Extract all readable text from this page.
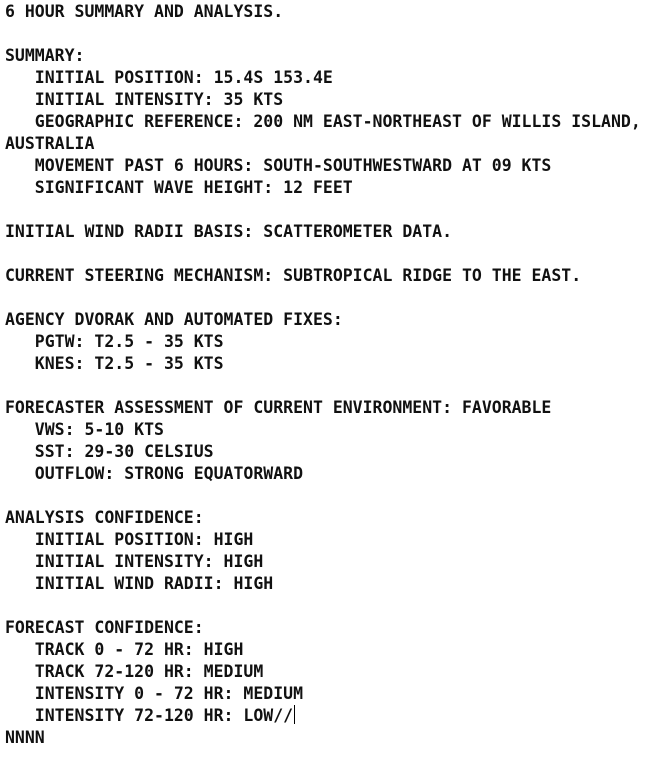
6 HOUR SUMMARY AND ANALYSIS.
SUMMARY:
INITIAL POSITION: 15.4S 153.4E
INITIAL INTENSITY: 35 KTS
GEOGRAPHIC REFERENCE: 200 NM EAST-NORTHEAST OF WILLIS ISLAND,
AUSTRALIA
MOVEMENT PAST 6 HOURS: SOUTH-SOUTHWESTWARD AT 09 KTS
SIGNIFICANT WAVE HEIGHT: 12 FEET
INITIAL WIND RADII BASIS: SCATTEROMETER DATA.
CURRENT STEERING MECHANISM: SUBTROPICAL RIDGE TO THE EAST.
AGENCY DVORAK AND AUTOMATED FIXES:
PGTW: T2.5 - 35 KTS
KNES: T2.5 - 35 KTS
FORECASTER ASSESSMENT OF CURRENT ENVIRONMENT: FAVORABLE
VWS: 5-10 KTS
SST: 29-30 CELSIUS
OUTFLOW: STRONG EQUATORWARD
ANALYSIS CONFIDENCE:
INITIAL POSITION: HIGH
INITIAL INTENSITY: HIGH
INITIAL WIND RADII: HIGH
FORECAST CONFIDENCE:
TRACK 0 - 72 HR: HIGH
TRACK 72-120 HR: MEDIUM
INTENSITY 0 - 72 HR: MEDIUM
INTENSITY 72-120 HR: LOW//
NNNN
